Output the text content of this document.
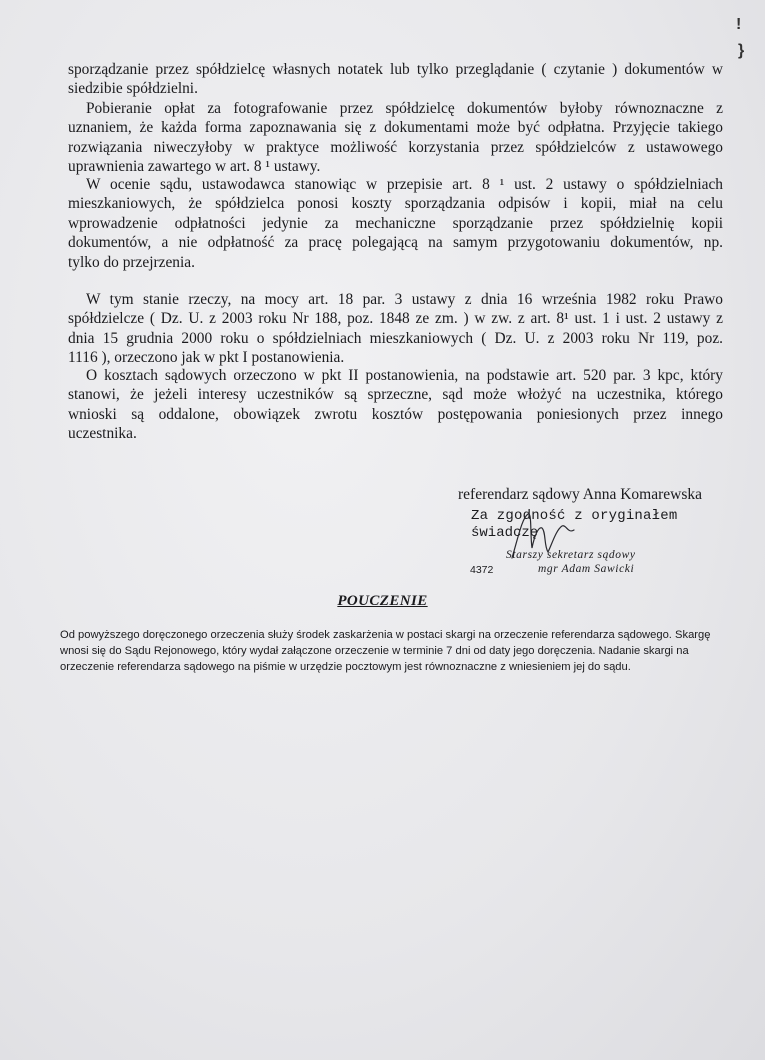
!
}
sporządzanie przez spółdzielcę własnych notatek lub tylko przeglądanie ( czytanie ) dokumentów w
siedzibie spółdzielni.
Pobieranie opłat za fotografowanie przez spółdzielcę dokumentów byłoby równoznaczne z
uznaniem, że każda forma zapoznawania się z dokumentami może być odpłatna. Przyjęcie takiego
rozwiązania niweczyłoby w praktyce możliwość korzystania przez spółdzielców z ustawowego
uprawnienia zawartego w art. 8 ¹ ustawy.
W ocenie sądu, ustawodawca stanowiąc w przepisie art. 8 ¹ ust. 2 ustawy o spółdzielniach
mieszkaniowych, że spółdzielca ponosi koszty sporządzania odpisów i kopii, miał na celu
wprowadzenie odpłatności jedynie za mechaniczne sporządzanie przez spółdzielnię kopii
dokumentów, a nie odpłatność za pracę polegającą na samym przygotowaniu dokumentów, np.
tylko do przejrzenia.
W tym stanie rzeczy, na mocy art. 18 par. 3 ustawy z dnia 16 września 1982 roku Prawo
spółdzielcze ( Dz. U. z 2003 roku Nr 188, poz. 1848 ze zm. ) w zw. z art. 8¹ ust. 1 i ust. 2 ustawy z
dnia 15 grudnia 2000 roku o spółdzielniach mieszkaniowych ( Dz. U. z 2003 roku Nr 119, poz.
1116 ), orzeczono jak w pkt I postanowienia.
O kosztach sądowych orzeczono w pkt II postanowienia, na podstawie art. 520 par. 3 kpc, który
stanowi, że jeżeli interesy uczestników są sprzeczne, sąd może włożyć na uczestnika, którego
wnioski są oddalone, obowiązek zwrotu kosztów postępowania poniesionych przez innego
uczestnika.
referendarz sądowy Anna Komarewska
Za zgodność z oryginałem
świadczę
Starszy sekretarz sądowy
4372	mgr Adam Sawicki
POUCZENIE

Od powyższego doręczonego orzeczenia służy środek zaskarżenia w postaci skargi na orzeczenie referendarza sądowego. Skargę wnosi się do Sądu Rejonowego, który wydał załączone orzeczenie w terminie 7 dni od daty jego doręczenia. Nadanie skargi na orzeczenie referendarza sądowego na piśmie w urzędzie pocztowym jest równoznaczne z wniesieniem jej do sądu.
